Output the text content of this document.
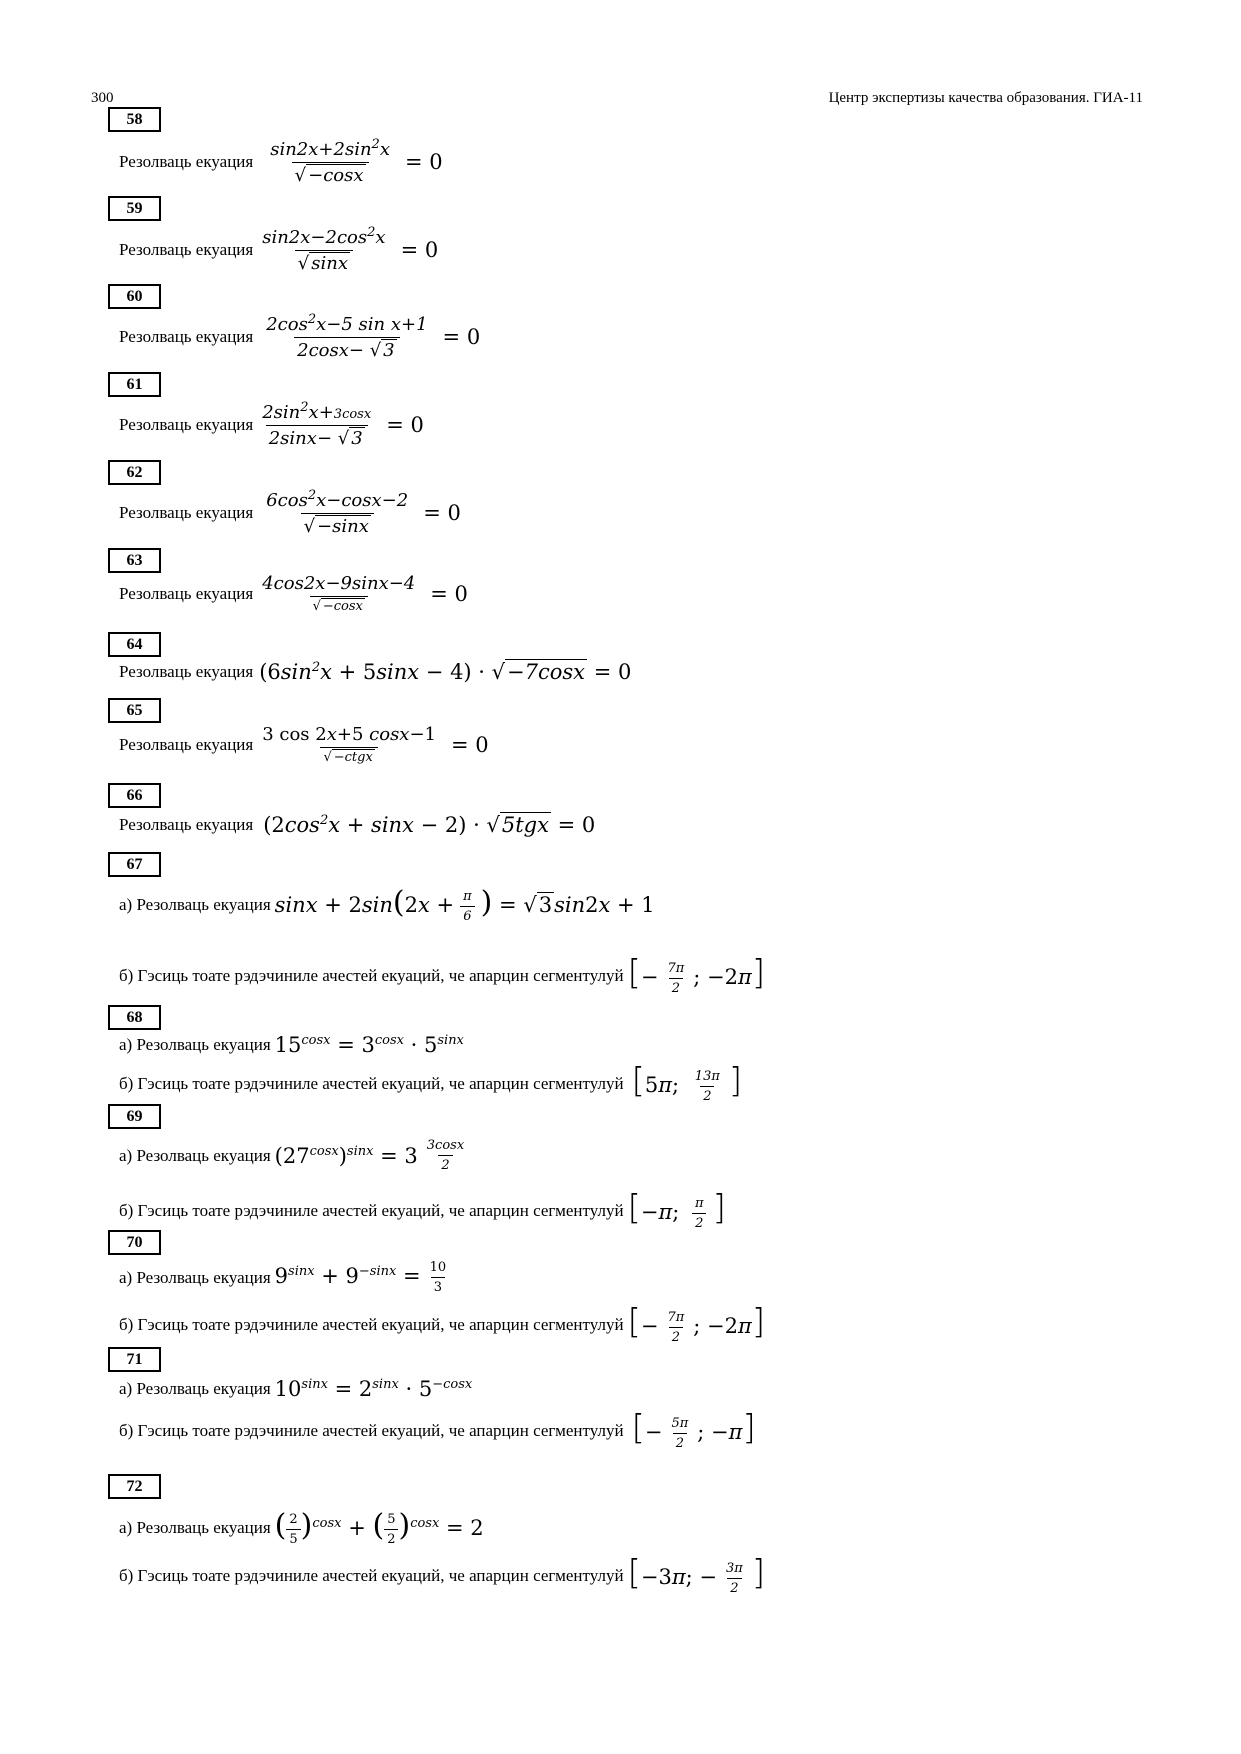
300	Центр экспертизы качества образования. ГИА-11
58
Резолваць екуация $\frac{\sin 2x+2\sin^2x}{√ -\cos x} = 0$
59
Резолваць екуация $\frac{\sin 2x-2\cos^2x}{√ \sin x} = 0$
60
Резолваць екуация $\frac{2\cos^2x-5 \sin x+1}{2\cos x- √ 3} = 0$
61
Резолваць екуация $\frac{2\sin^2x+3\cos x}{2\sin x- √ 3} = 0$
62
Резолваць екуация $\frac{6\cos^2x-\cos x-2}{√ -\sin x} = 0$
63
Резолваць екуация $\frac{4\cos 2x-9\sin x-4}{√ -\cos x} = 0$
64
Резолваць екуация $(6\sin^2x + 5\sin x - 4) \cdot √-7\cos x = 0$
65
Резолваць екуация $\frac{3 \cos 2x+5 \cos x-1}{\text{√ −ctgx}} = 0$
66
Резолваць екуация $(2\cos^2x + \sin x - 2) \cdot √5tgx = 0$
67
а) Резолваць екуация $\sin x + 2\sin(2x + \frac{\pi}{6}$ ) = √3sin2x + 1
б) Гэсиць тоате рэдэчиниле ачестей екуаций, че апарцин сегментулуй [− $\frac{7\pi}{2}$ ; −2π]
68
а) Резолваць екуация $15^{cosx} = 3^{cosx} \cdot 5^{sinx}$
б) Гэсиць тоате рэдэчиниле ачестей екуаций, че апарцин сегментулуй [5π; $\frac{13\pi}{2}$ ]
69
а) Резолваць екуация $(27^{cosx})^{sinx} = 3$ $^{\frac{3\cos x}{2}}$
б) Гэсиць тоате рэдэчиниле ачестей екуаций, че апарцин сегментулуй [−π; $\frac{\pi}{2}$ ]
70
а) Резолваць екуация $9^{sinx} + 9^{-sinx} = \frac{10}{3}$
б) Гэсиць тоате рэдэчиниле ачестей екуаций, че апарцин сегментулуй [− $\frac{7\pi}{2}$ ; −2π]
71
а) Резолваць екуация $10^{sinx} = 2^{sinx} \cdot 5^{-cosx}$
б) Гэсиць тоате рэдэчиниле ачестей екуаций, че апарцин сегментулуй [− $\frac{5\pi}{2}$ ; −π]
72
а) Резолваць екуация ( $\frac{2}{5} )^{cosx}$ + ( $\frac{5}{2} )^{cosx} = 2$
б) Гэсиць тоате рэдэчиниле ачестей екуаций, че апарцин сегментулуй [−3π; − $\frac{3\pi}{2}$ ]
